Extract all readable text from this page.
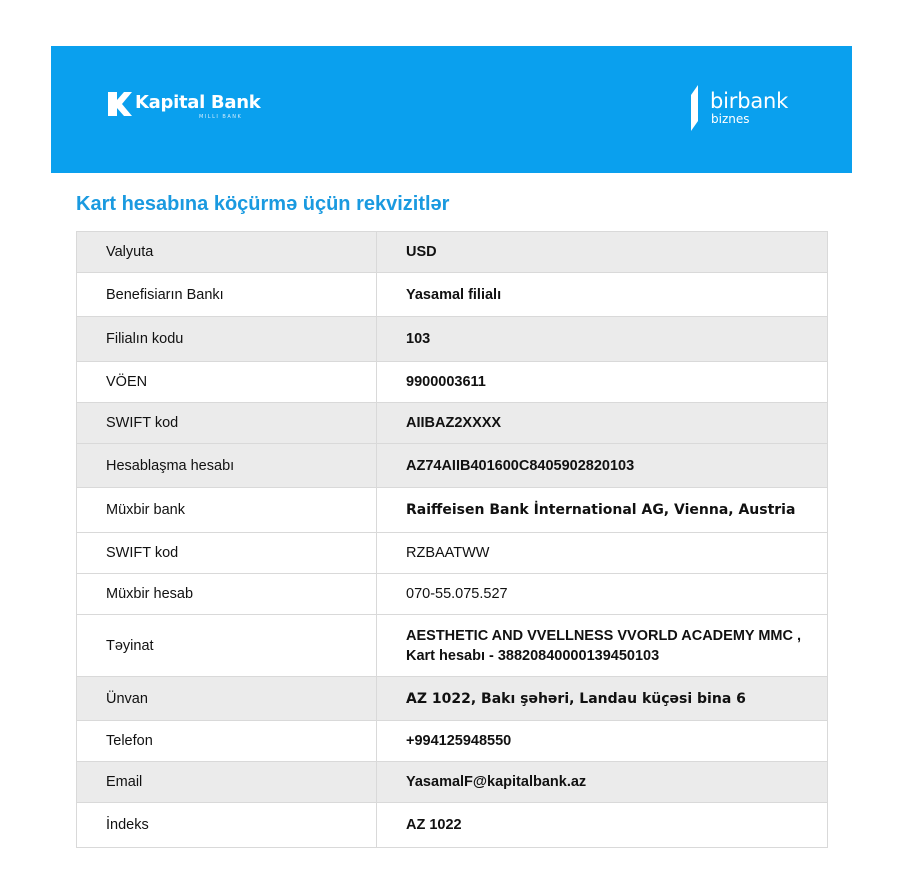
Kapital Bank
MILLI BANK
birbank
biznes
Kart hesabına köçürmə üçün rekvizitlər
Valyuta	USD
Benefisiarın Bankı	Yasamal filialı
Filialın kodu	103
VÖEN	9900003611
SWIFT kod	AIIBAZ2XXXX
Hesablaşma hesabı	AZ74AIIB401600C8405902820103
Müxbir bank	Raiffeisen Bank İnternational AG, Vienna, Austria
SWIFT kod	RZBAATWW
Müxbir hesab	070-55.075.527
Təyinat	AESTHETIC AND VVELLNESS VVORLD ACADEMY MMC , Kart hesabı - 38820840000139450103
Ünvan	AZ 1022, Bakı şəhəri, Landau küçəsi bina 6
Telefon	+994125948550
Email	YasamalF@kapitalbank.az
İndeks	AZ 1022
